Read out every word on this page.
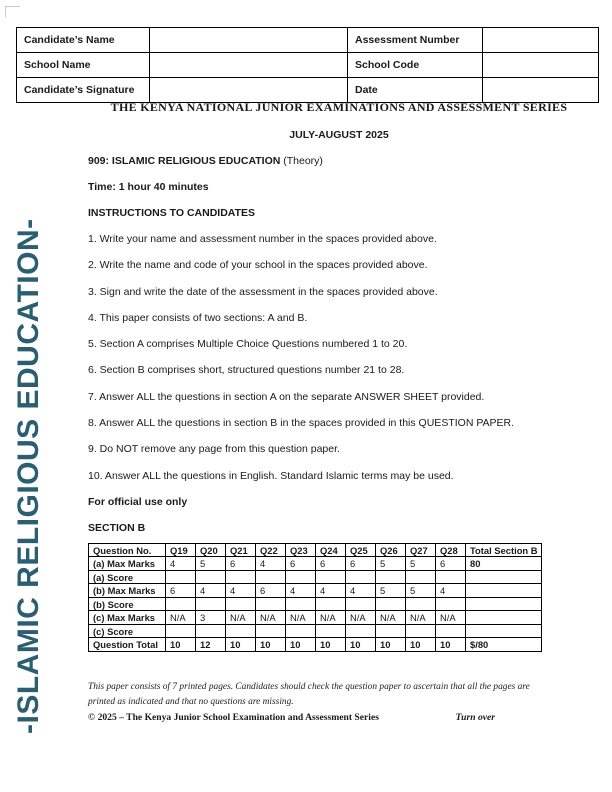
-ISLAMIC RELIGIOUS EDUCATION-
Candidate’s Name		Assessment Number	
School Name		School Code	
Candidate’s Signature		Date	
THE KENYA NATIONAL JUNIOR EXAMINATIONS AND ASSESSMENT SERIES
JULY-AUGUST 2025
909: ISLAMIC RELIGIOUS EDUCATION (Theory)
Time: 1 hour 40 minutes
INSTRUCTIONS TO CANDIDATES
1. Write your name and assessment number in the spaces provided above.
2. Write the name and code of your school in the spaces provided above.
3. Sign and write the date of the assessment in the spaces provided above.
4. This paper consists of two sections: A and B.
5. Section A comprises Multiple Choice Questions numbered 1 to 20.
6. Section B comprises short, structured questions number 21 to 28.
7. Answer ALL the questions in section A on the separate ANSWER SHEET provided.
8. Answer ALL the questions in section B in the spaces provided in this QUESTION PAPER.
9. Do NOT remove any page from this question paper.
10. Answer ALL the questions in English. Standard Islamic terms may be used.
For official use only
SECTION B
Question No.	Q19	Q20	Q21	Q22	Q23	Q24	Q25	Q26	Q27	Q28	Total Section B
(a) Max Marks	4	5	6	4	6	6	6	5	5	6	80
(a) Score											
(b) Max Marks	6	4	4	6	4	4	4	5	5	4	
(b) Score											
(c) Max Marks	N/A	3	N/A	N/A	N/A	N/A	N/A	N/A	N/A	N/A	
(c) Score											
Question Total	10	12	10	10	10	10	10	10	10	10	$/80
This paper consists of 7 printed pages. Candidates should check the question paper to ascertain that all the pages are
printed as indicated and that no questions are missing.
© 2025 – The Kenya Junior School Examination and Assessment Series	Turn over
